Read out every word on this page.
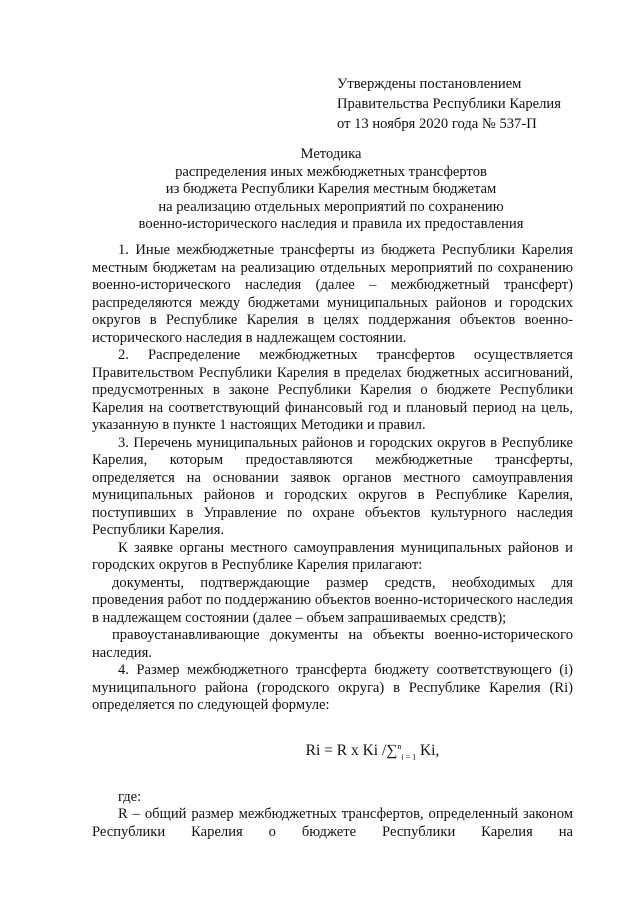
Утверждены постановлением
Правительства Республики Карелия
от 13 ноября 2020 года № 537-П
Методика
распределения иных межбюджетных трансфертов
из бюджета Республики Карелия местным бюджетам
на реализацию отдельных мероприятий по сохранению
военно-исторического наследия и правила их предоставления

1. Иные межбюджетные трансферты из бюджета Республики Карелия местным бюджетам на реализацию отдельных мероприятий по сохранению военно-исторического наследия (далее – межбюджетный трансферт) распределяются между бюджетами муниципальных районов и городских округов в Республике Карелия в целях поддержания объектов военно-исторического наследия в надлежащем состоянии.

2. Распределение межбюджетных трансфертов осуществляется Правительством Республики Карелия в пределах бюджетных ассигнований, предусмотренных в законе Республики Карелия о бюджете Республики Карелия на соответствующий финансовый год и плановый период на цель, указанную в пункте 1 настоящих Методики и правил.

3. Перечень муниципальных районов и городских округов в Республике Карелия, которым предоставляются межбюджетные трансферты, определяется на основании заявок органов местного самоуправления муниципальных районов и городских округов в Республике Карелия, поступивших в Управление по охране объектов культурного наследия Республики Карелия.

К заявке органы местного самоуправления муниципальных районов и городских округов в Республике Карелия прилагают:

документы, подтверждающие размер средств, необходимых для проведения работ по поддержанию объектов военно-исторического наследия в надлежащем состоянии (далее – объем запрашиваемых средств);

правоустанавливающие документы на объекты военно-исторического наследия.

4. Размер межбюджетного трансферта бюджету соответствующего (i) муниципального района (городского округа) в Республике Карелия (Ri) определяется по следующей формуле:

Ri = R x Ki /∑$^n_{i = 1}$ Ki,

где:

R – общий размер межбюджетных трансфертов, определенный законом Республики Карелия о бюджете Республики Карелия на
